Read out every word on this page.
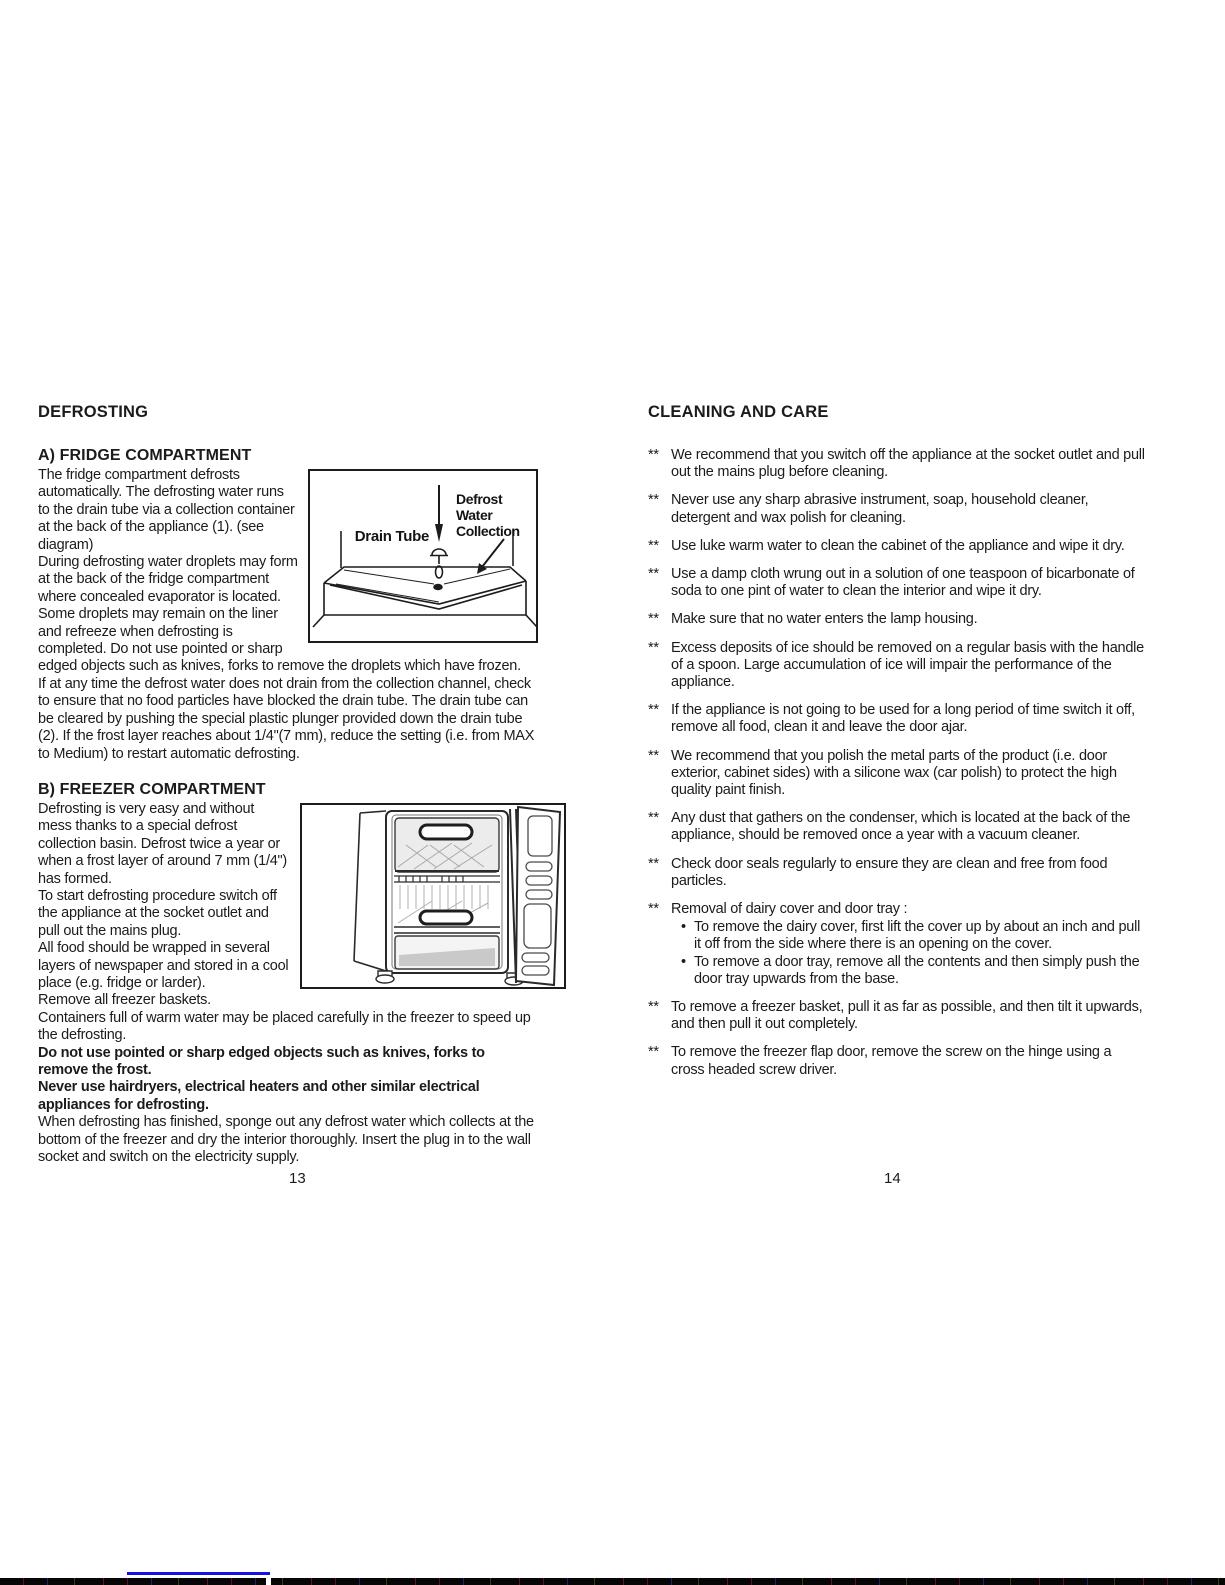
DEFROSTING
A) FRIDGE COMPARTMENT
Drain Tube
Defrost
Water
Collection

The fridge compartment defrosts automatically. The defrosting water runs to the drain tube via a collection container at the back of the appliance (1). (see diagram)

During defrosting water droplets may form at the back of the fridge compartment where concealed evaporator is located. Some droplets may remain on the liner and refreeze when defrosting is completed. Do not use pointed or sharp edged objects such as knives, forks to remove the droplets which have frozen.

If at any time the defrost water does not drain from the collection channel, check to ensure that no food particles have blocked the drain tube. The drain tube can be cleared by pushing the special plastic plunger provided down the drain tube (2). If the frost layer reaches about 1/4"(7 mm), reduce the setting (i.e. from MAX to Medium) to restart automatic defrosting.

B) FREEZER COMPARTMENT

Defrosting is very easy and without mess thanks to a special defrost collection basin. Defrost twice a year or when a frost layer of around 7 mm (1/4") has formed.

To start defrosting procedure switch off the appliance at the socket outlet and pull out the mains plug.

All food should be wrapped in several layers of newspaper and stored in a cool place (e.g. fridge or larder).

Remove all freezer baskets.

Containers full of warm water may be placed carefully in the freezer to speed up the defrosting.

Do not use pointed or sharp edged objects such as knives, forks to remove the frost.

Never use hairdryers, electrical heaters and other similar electrical appliances for defrosting.

When defrosting has finished, sponge out any defrost water which collects at the bottom of the freezer and dry the interior thoroughly. Insert the plug in to the wall socket and switch on the electricity supply.

CLEANING AND CARE
** We recommend that you switch off the appliance at the socket outlet and pull out the mains plug before cleaning.
** Never use any sharp abrasive instrument, soap, household cleaner, detergent and wax polish for cleaning.
** Use luke warm water to clean the cabinet of the appliance and wipe it dry.
** Use a damp cloth wrung out in a solution of one teaspoon of bicarbonate of soda to one pint of water to clean the interior and wipe it dry.
** Make sure that no water enters the lamp housing.
** Excess deposits of ice should be removed on a regular basis with the handle of a spoon. Large accumulation of ice will impair the performance of the appliance.
** If the appliance is not going to be used for a long period of time switch it off, remove all food, clean it and leave the door ajar.
** We recommend that you polish the metal parts of the product (i.e. door exterior, cabinet sides) with a silicone wax (car polish) to protect the high quality paint finish.
** Any dust that gathers on the condenser, which is located at the back of the appliance, should be removed once a year with a vacuum cleaner.
** Check door seals regularly to ensure they are clean and free from food particles.
** Removal of dairy cover and door tray :
• To remove the dairy cover, first lift the cover up by about an inch and pull it off from the side where there is an opening on the cover.
• To remove a door tray, remove all the contents and then simply push the door tray upwards from the base.
** To remove a freezer basket, pull it as far as possible, and then tilt it upwards, and then pull it out completely.
** To remove the freezer flap door, remove the screw on the hinge using a cross headed screw driver.
13	14
